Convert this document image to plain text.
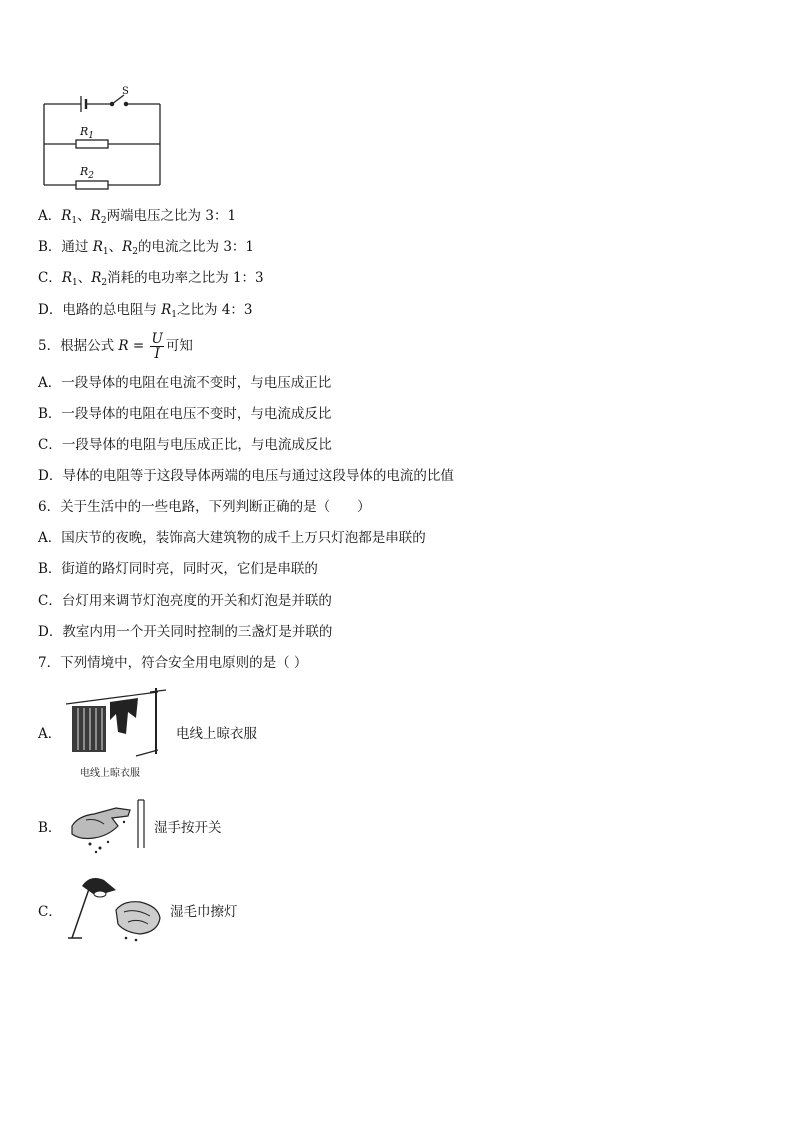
S
$R_1$
$R_2$
A．$R_1$、$R_2$两端电压之比为 3：1
B．通过 $R_1$、$R_2$的电流之比为 3：1
C．$R_1$、$R_2$消耗的电功率之比为 1：3
D．电路的总电阻与 $R_1$之比为 4：3
5．根据公式 $R = \frac{U}{I}$ 可知
A．一段导体的电阻在电流不变时，与电压成正比
B．一段导体的电阻在电压不变时，与电流成反比
C．一段导体的电阻与电压成正比，与电流成反比
D．导体的电阻等于这段导体两端的电压与通过这段导体的电流的比值
6．关于生活中的一些电路，下列判断正确的是（　　）
A．国庆节的夜晚，装饰高大建筑物的成千上万只灯泡都是串联的
B．街道的路灯同时亮，同时灭，它们是串联的
C．台灯用来调节灯泡亮度的开关和灯泡是并联的
D．教室内用一个开关同时控制的三盏灯是并联的
7．下列情境中，符合安全用电原则的是（ ）
A．
电线上晾衣服
电线上晾衣服
B．	湿手按开关
C．	湿毛巾擦灯
